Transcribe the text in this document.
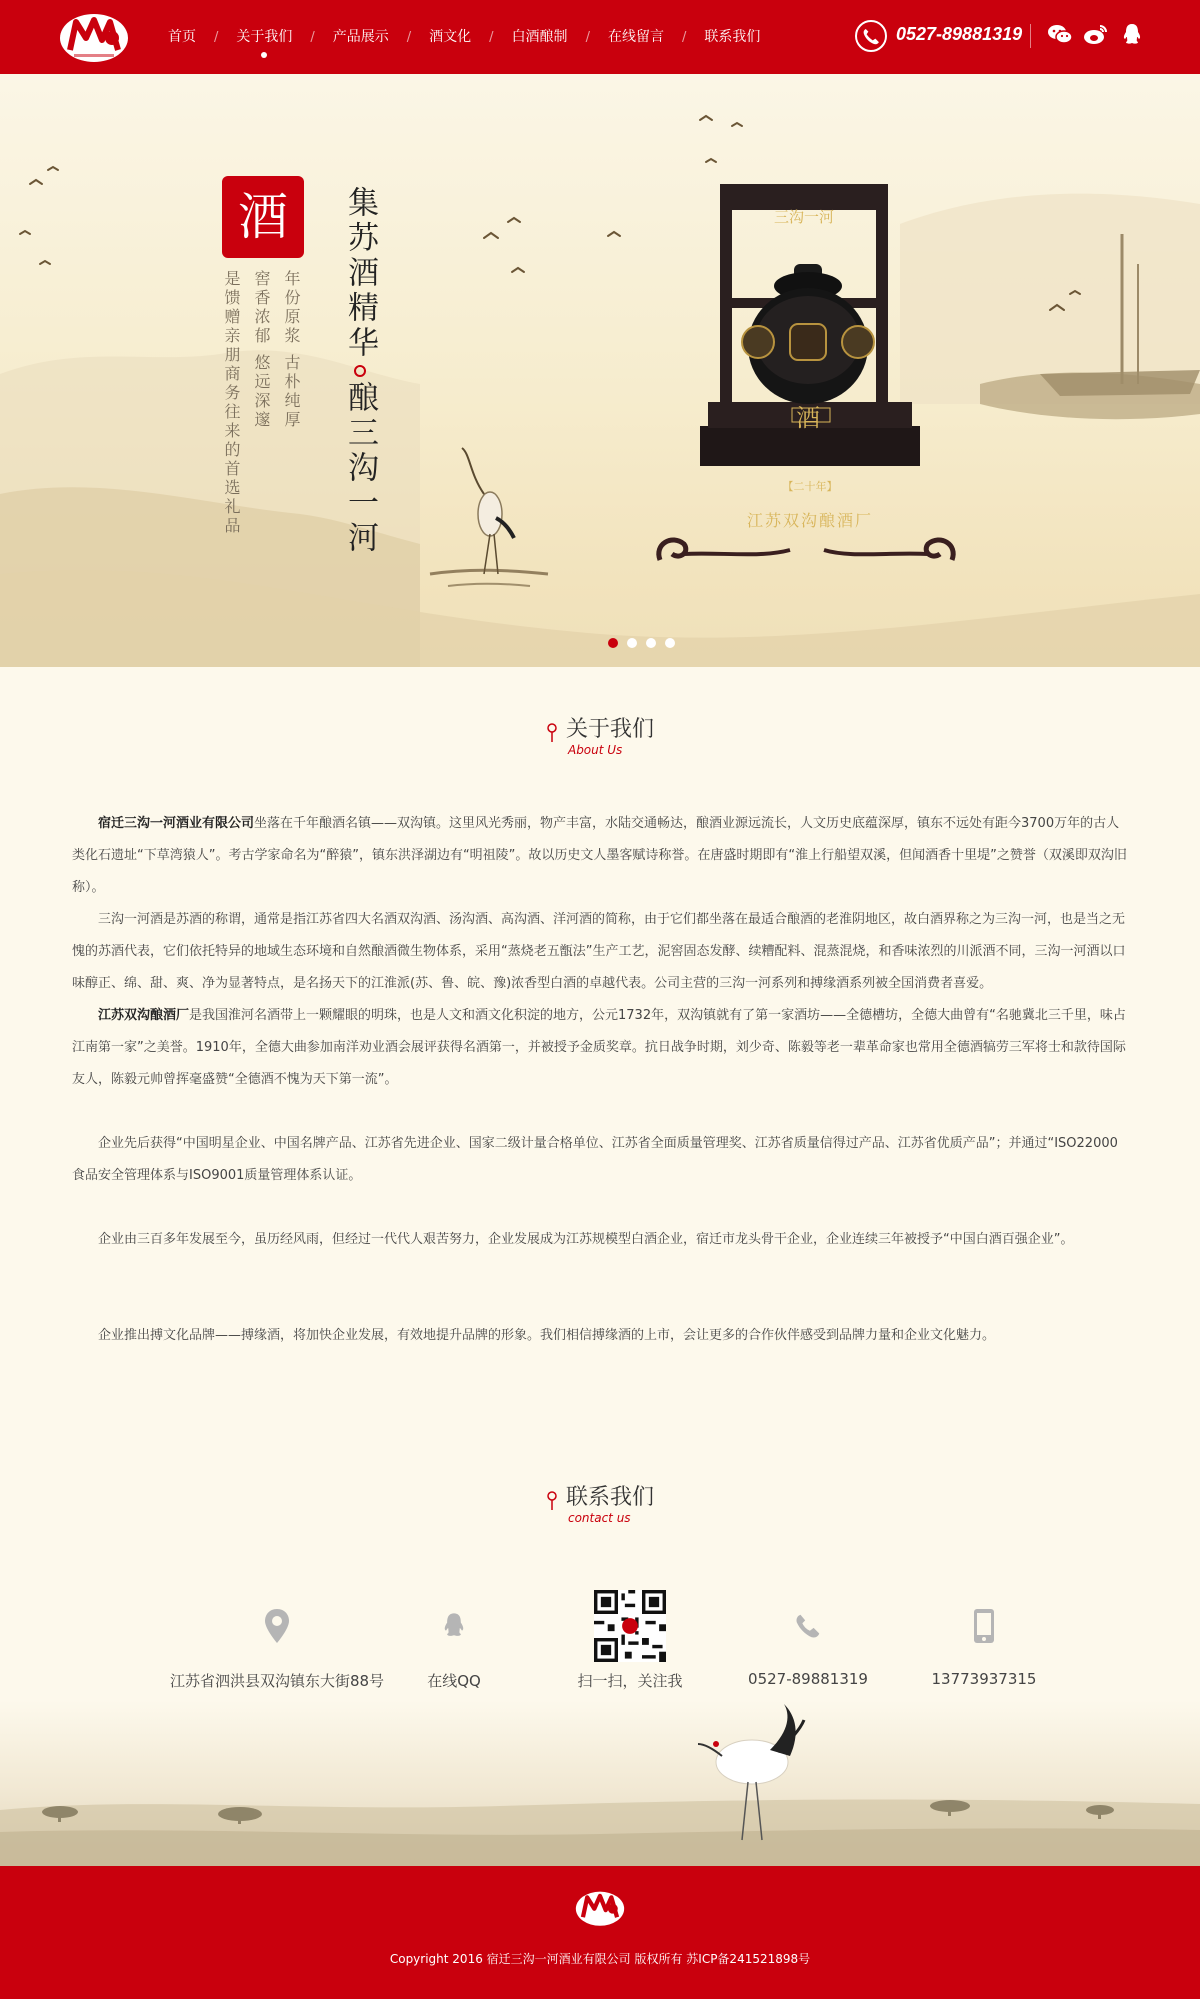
首页	/	关于我们	/	产品展示	/	酒文化	/	白酒酿制	/	在线留言	/	联系我们	0527-89881319
酒	集苏酒精华酿三沟一河
年份原浆 古朴纯厚
窖香浓郁 悠远深邃
是馈赠亲朋商务往来的首选礼品
三沟一河
酒
【二十年】
江苏双沟酿酒厂
关于我们
About Us

宿迁三沟一河酒业有限公司坐落在千年酿酒名镇——双沟镇。这里风光秀丽，物产丰富，水陆交通畅达，酿酒业源远流长，人文历史底蕴深厚，镇东不远处有距今3700万年的古人类化石遗址“下草湾猿人”。考古学家命名为“醉猿”，镇东洪泽湖边有“明祖陵”。故以历史文人墨客赋诗称誉。在唐盛时期即有“淮上行船望双溪，但闻酒香十里堤”之赞誉（双溪即双沟旧称）。

三沟一河酒是苏酒的称谓，通常是指江苏省四大名酒双沟酒、汤沟酒、高沟酒、洋河酒的简称，由于它们都坐落在最适合酿酒的老淮阴地区，故白酒界称之为三沟一河，也是当之无愧的苏酒代表，它们依托特异的地域生态环境和自然酿酒微生物体系，采用“蒸烧老五甑法”生产工艺，泥窖固态发酵、续糟配料、混蒸混烧，和香味浓烈的川派酒不同，三沟一河酒以口味醇正、绵、甜、爽、净为显著特点，是名扬天下的江淮派(苏、鲁、皖、豫)浓香型白酒的卓越代表。公司主营的三沟一河系列和搏缘酒系列被全国消费者喜爱。

江苏双沟酿酒厂是我国淮河名酒带上一颗耀眼的明珠，也是人文和酒文化积淀的地方，公元1732年，双沟镇就有了第一家酒坊——全德槽坊，全德大曲曾有“名驰冀北三千里，味占江南第一家”之美誉。1910年，全德大曲参加南洋劝业酒会展评获得名酒第一，并被授予金质奖章。抗日战争时期，刘少奇、陈毅等老一辈革命家也常用全德酒犒劳三军将士和款待国际友人，陈毅元帅曾挥毫盛赞“全德酒不愧为天下第一流”。

企业先后获得“中国明星企业、中国名牌产品、江苏省先进企业、国家二级计量合格单位、江苏省全面质量管理奖、江苏省质量信得过产品、江苏省优质产品”；并通过“ISO22000食品安全管理体系与ISO9001质量管理体系认证。

企业由三百多年发展至今，虽历经风雨，但经过一代代人艰苦努力，企业发展成为江苏规模型白酒企业，宿迁市龙头骨干企业，企业连续三年被授予“中国白酒百强企业”。

企业推出搏文化品牌——搏缘酒，将加快企业发展，有效地提升品牌的形象。我们相信搏缘酒的上市，会让更多的合作伙伴感受到品牌力量和企业文化魅力。

联系我们
contact us
江苏省泗洪县双沟镇东大街88号	在线QQ	扫一扫，关注我	0527-89881319	13773937315
Copyright 2016 宿迁三沟一河酒业有限公司 版权所有 苏ICP备241521898号
